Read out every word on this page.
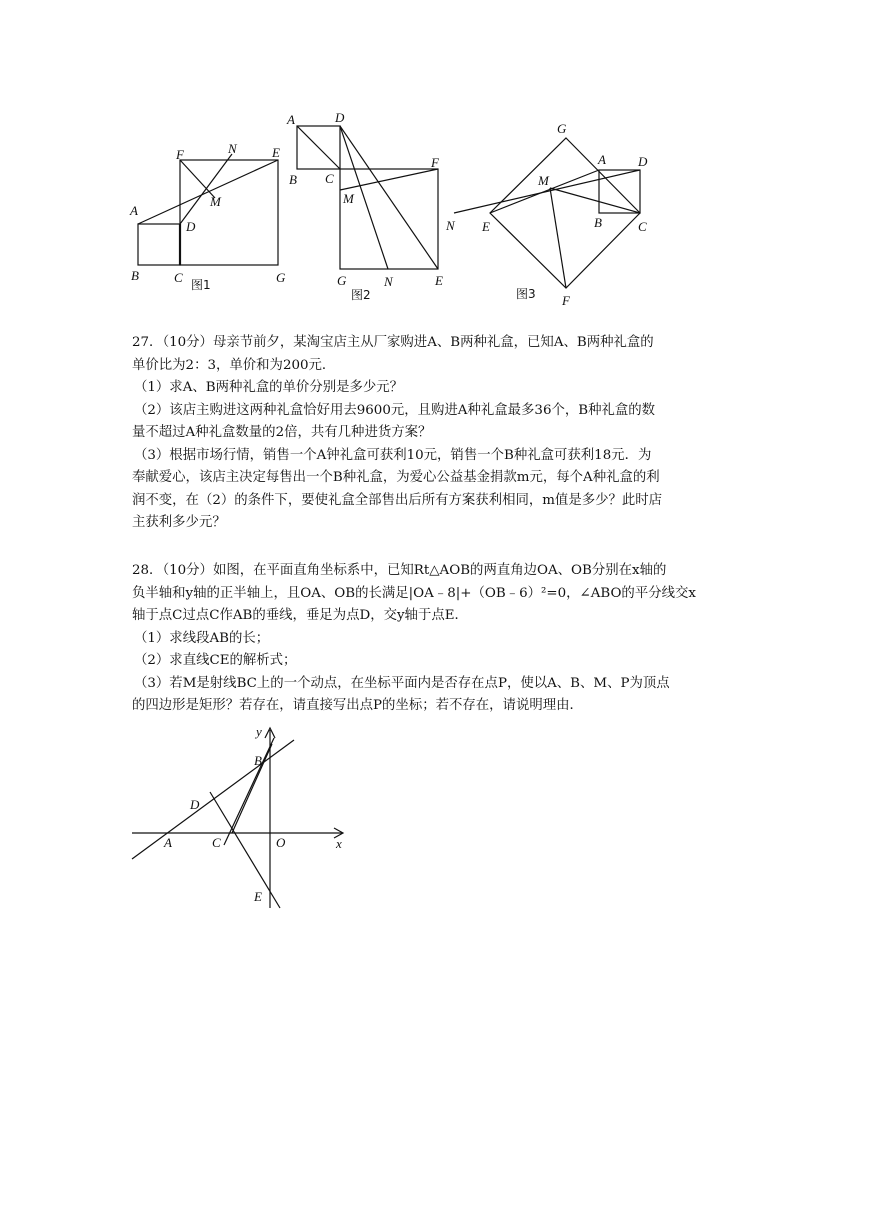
A
B	C
D
F	N	E
M
G
图1
A	D
B C
F
M
G	N	E
图2
G
A D
M
N E	B	C
F
图3

27．（10分）母亲节前夕，某淘宝店主从厂家购进A、B两种礼盒，已知A、B两种礼盒的

单价比为2：3，单价和为200元．

（1）求A、B两种礼盒的单价分别是多少元？

（2）该店主购进这两种礼盒恰好用去9600元，且购进A种礼盒最多36个，B种礼盒的数

量不超过A种礼盒数量的2倍，共有几种进货方案？

（3）根据市场行情，销售一个A钟礼盒可获利10元，销售一个B种礼盒可获利18元．为

奉献爱心，该店主决定每售出一个B种礼盒，为爱心公益基金捐款m元，每个A种礼盒的利

润不变，在（2）的条件下，要使礼盒全部售出后所有方案获利相同，m值是多少？此时店

主获利多少元？

28．（10分）如图，在平面直角坐标系中，已知Rt△AOB的两直角边OA、OB分别在x轴的

负半轴和y轴的正半轴上，且OA、OB的长满足|OA﹣8|+（OB﹣6）²=0，∠ABO的平分线交x

轴于点C过点C作AB的垂线，垂足为点D，交y轴于点E．

（1）求线段AB的长；

（2）求直线CE的解析式；

（3）若M是射线BC上的一个动点，在坐标平面内是否存在点P，使以A、B、M、P为顶点

的四边形是矩形？若存在，请直接写出点P的坐标；若不存在，请说明理由．

y
B
D
A	C	O	x
E
